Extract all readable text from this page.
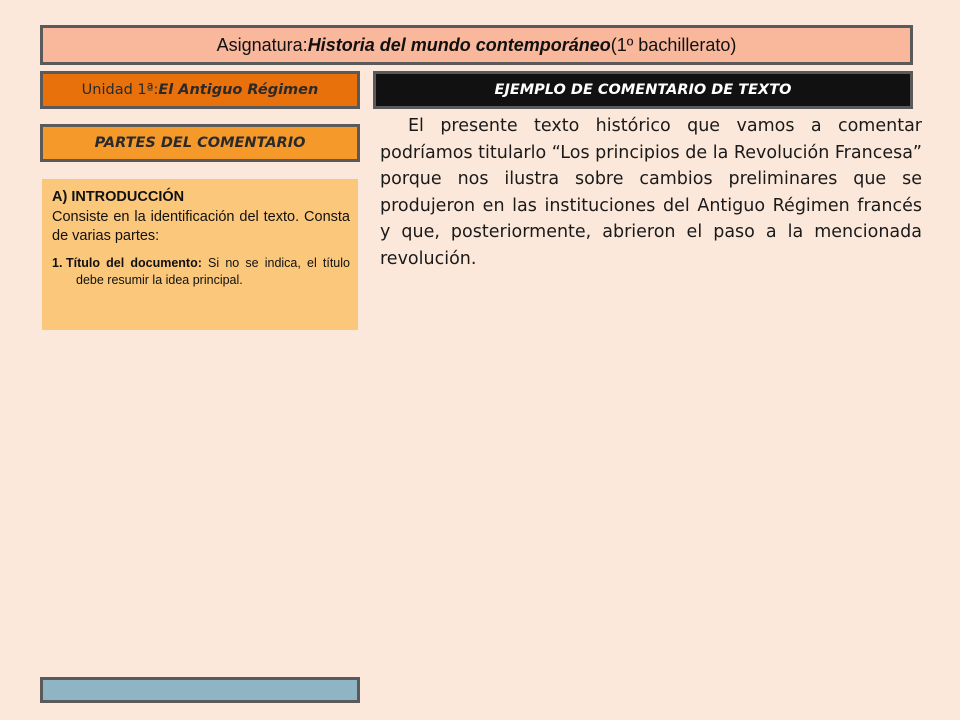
Asignatura: Historia del mundo contemporáneo (1º bachillerato)
Unidad 1ª: El Antiguo Régimen	EJEMPLO DE COMENTARIO DE TEXTO
PARTES DEL COMENTARIO

A) INTRODUCCIÓN

Consiste en la identificación del texto. Consta de varias partes:

1. Título del documento: Si no se indica, el título debe resumir la idea principal.

El presente texto histórico que vamos a comentar podríamos titularlo “Los principios de la Revolución Francesa” porque nos ilustra sobre cambios preliminares que se produjeron en las instituciones del Antiguo Régimen francés y que, posteriormente, abrieron el paso a la mencionada revolución.
